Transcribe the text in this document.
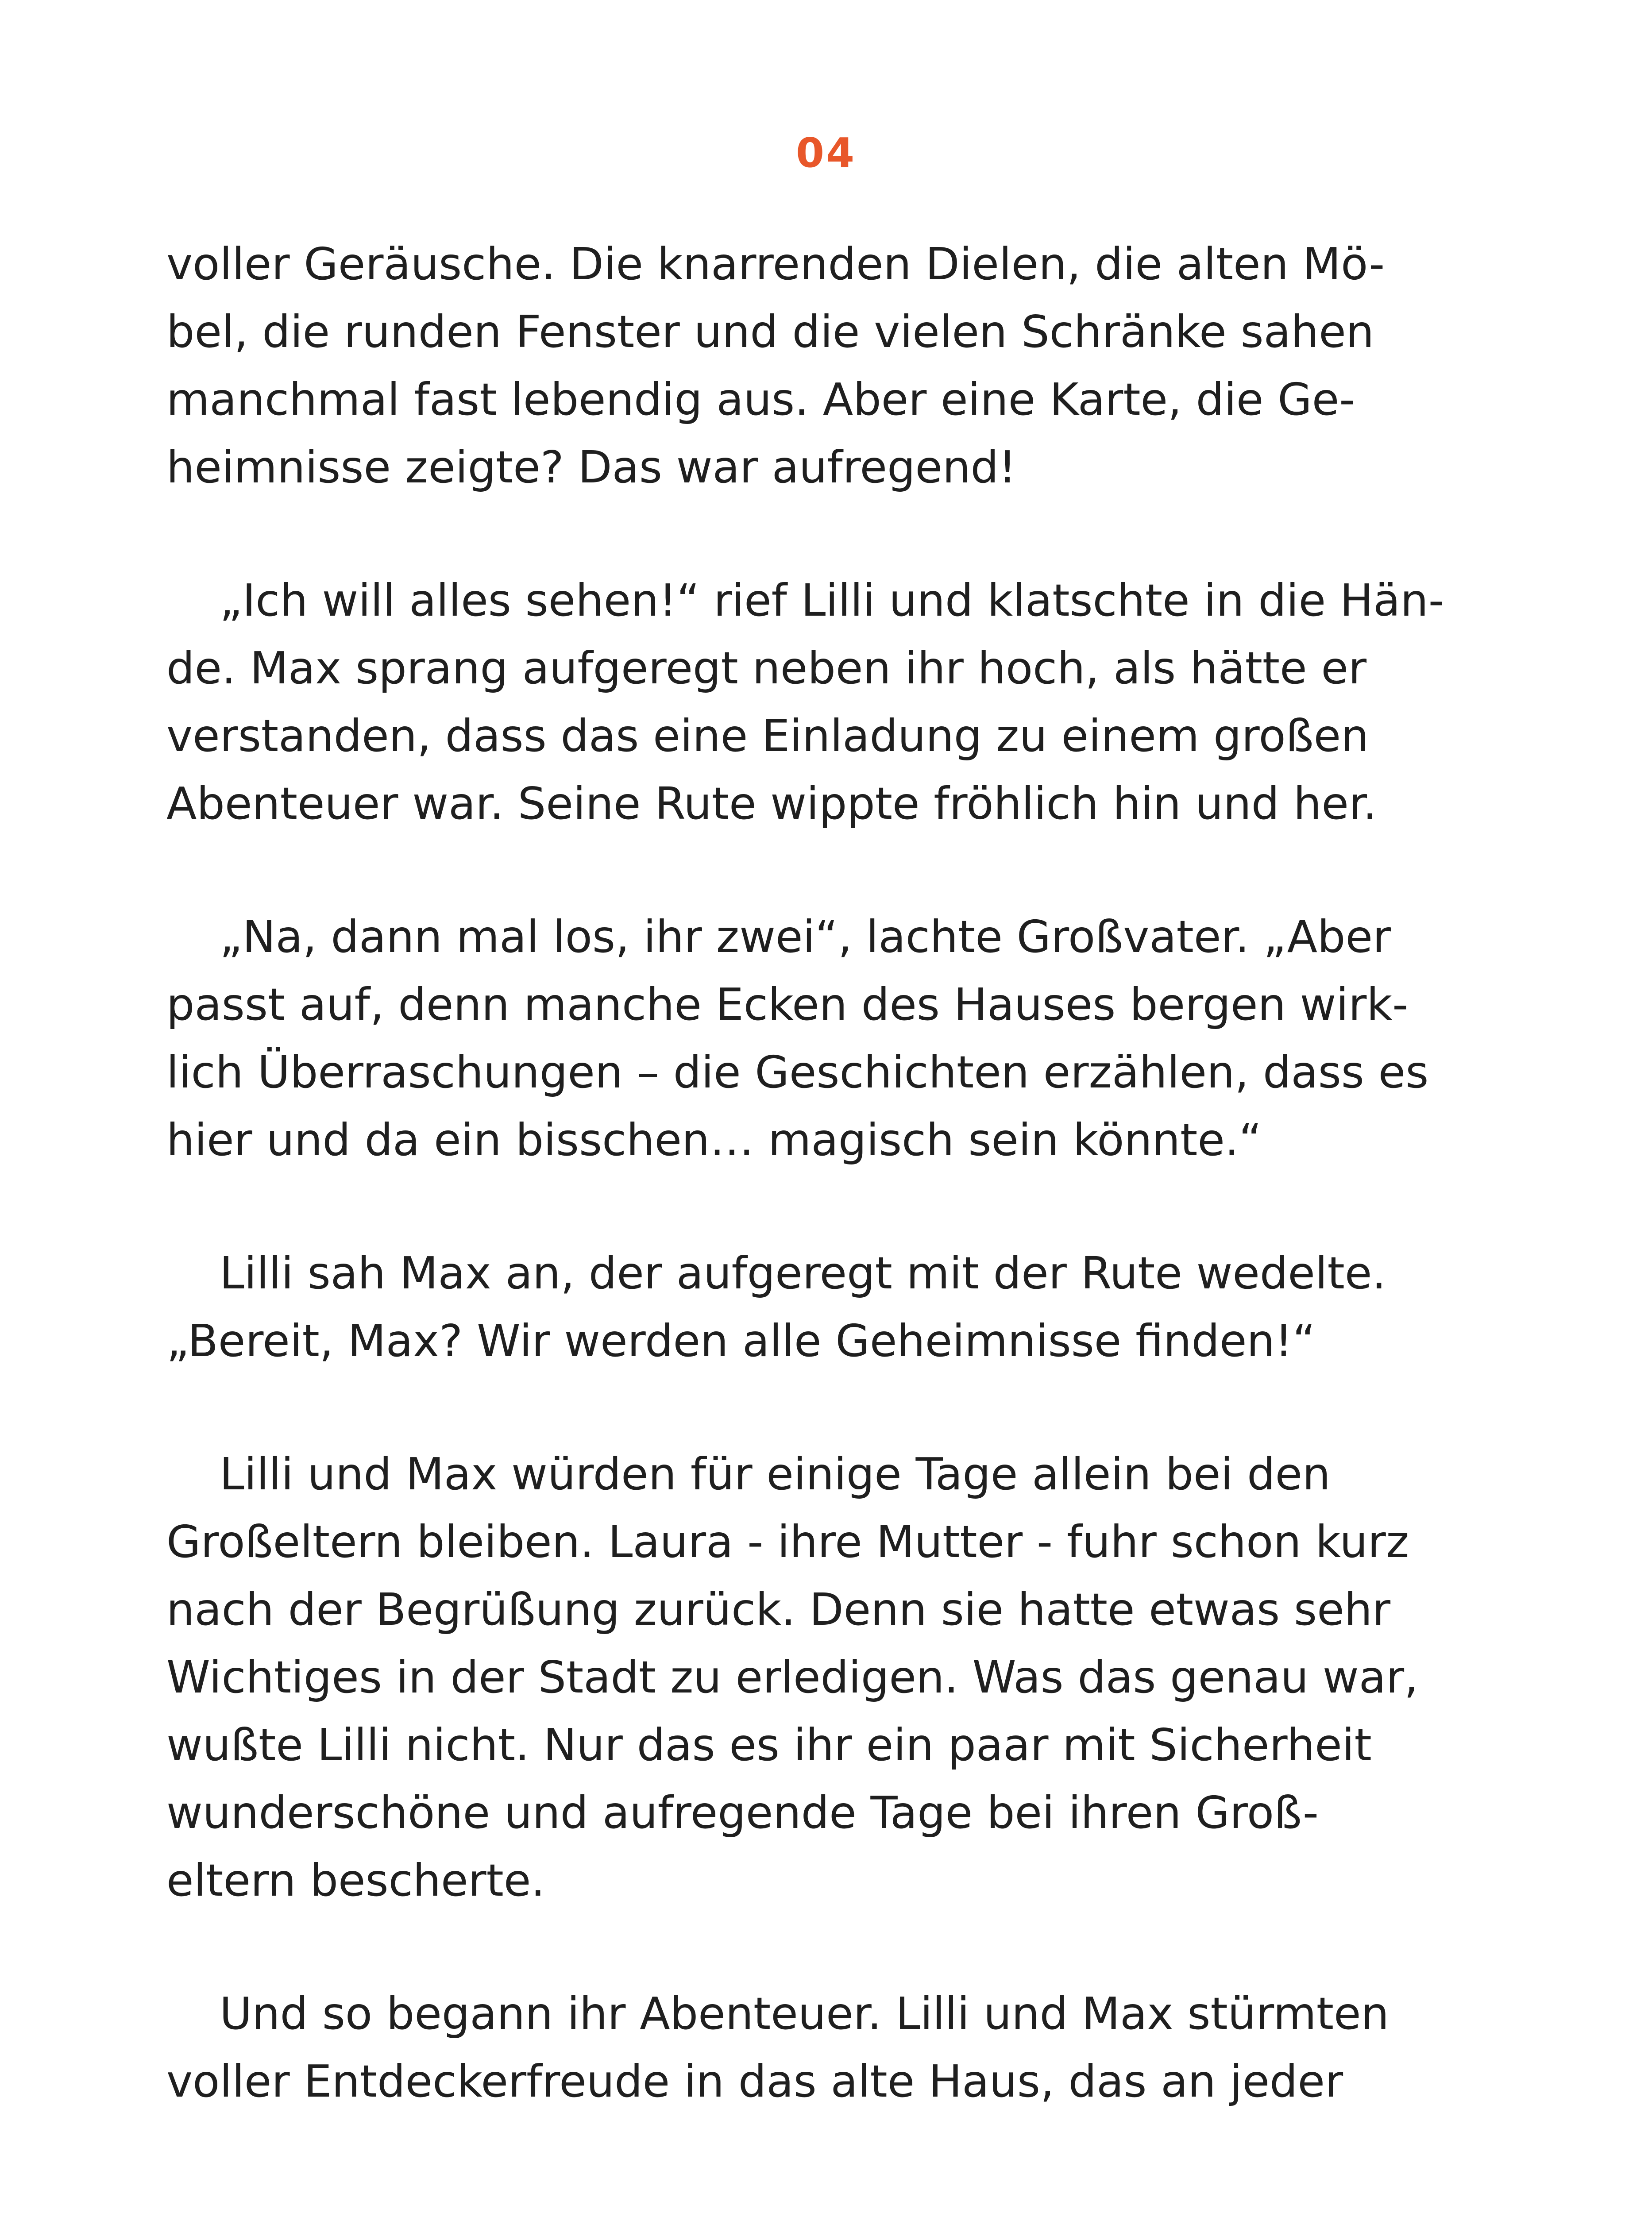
04

voller Geräusche. Die knarrenden Dielen, die alten Mö-
bel, die runden Fenster und die vielen Schränke sahen
manchmal fast lebendig aus. Aber eine Karte, die Ge-
heimnisse zeigte? Das war aufregend!

„Ich will alles sehen!“ rief Lilli und klatschte in die Hän-
de. Max sprang aufgeregt neben ihr hoch, als hätte er
verstanden, dass das eine Einladung zu einem großen
Abenteuer war. Seine Rute wippte fröhlich hin und her.

„Na, dann mal los, ihr zwei“, lachte Großvater. „Aber
passt auf, denn manche Ecken des Hauses bergen wirk-
lich Überraschungen – die Geschichten erzählen, dass es
hier und da ein bisschen… magisch sein könnte.“

Lilli sah Max an, der aufgeregt mit der Rute wedelte.
„Bereit, Max? Wir werden alle Geheimnisse finden!“

Lilli und Max würden für einige Tage allein bei den
Großeltern bleiben. Laura - ihre Mutter - fuhr schon kurz
nach der Begrüßung zurück. Denn sie hatte etwas sehr
Wichtiges in der Stadt zu erledigen. Was das genau war,
wußte Lilli nicht. Nur das es ihr ein paar mit Sicherheit
wunderschöne und aufregende Tage bei ihren Groß-
eltern bescherte.

Und so begann ihr Abenteuer. Lilli und Max stürmten
voller Entdeckerfreude in das alte Haus, das an jeder
